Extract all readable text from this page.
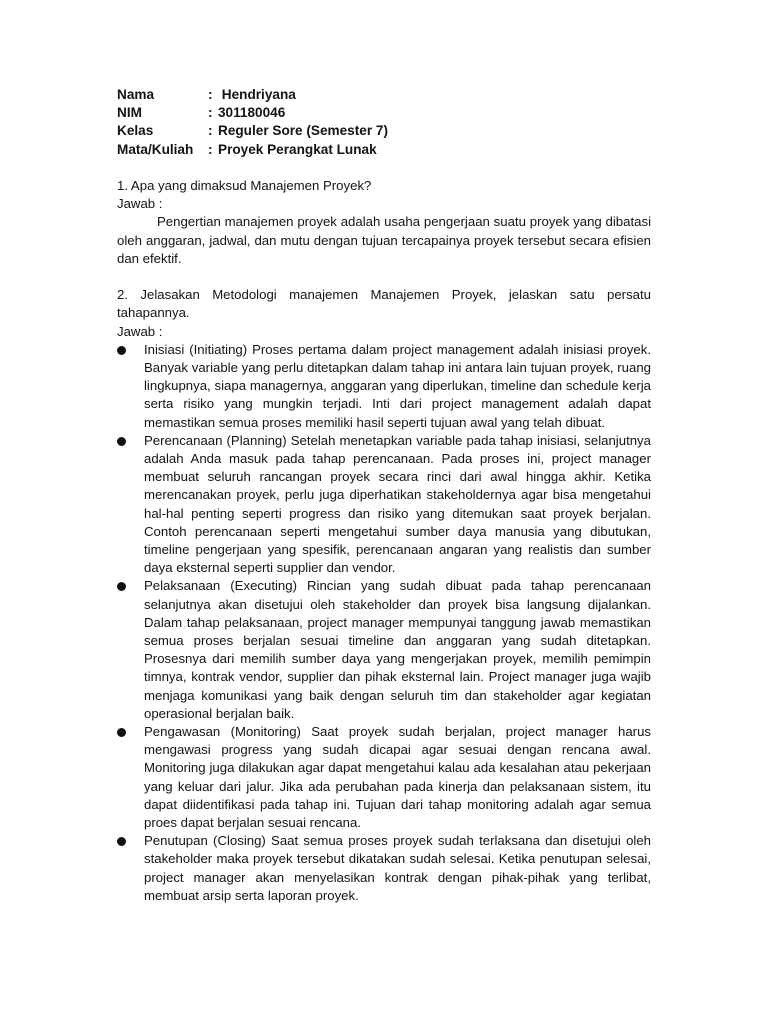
Nama	: Hendriyana
NIM	: 301180046
Kelas	: Reguler Sore (Semester 7)
Mata/Kuliah	: Proyek Perangkat Lunak

1. Apa yang dimaksud Manajemen Proyek?

Jawab :

Pengertian manajemen proyek adalah usaha pengerjaan suatu proyek yang dibatasi oleh anggaran, jadwal, dan mutu dengan tujuan tercapainya proyek tersebut secara efisien dan efektif.

2. Jelasakan Metodologi manajemen Manajemen Proyek, jelaskan satu persatu tahapannya.

Jawab :

Inisiasi (Initiating) Proses pertama dalam project management adalah inisiasi proyek. Banyak variable yang perlu ditetapkan dalam tahap ini antara lain tujuan proyek, ruang lingkupnya, siapa managernya, anggaran yang diperlukan, timeline dan schedule kerja serta risiko yang mungkin terjadi. Inti dari project management adalah dapat memastikan semua proses memiliki hasil seperti tujuan awal yang telah dibuat.
Perencanaan (Planning) Setelah menetapkan variable pada tahap inisiasi, selanjutnya adalah Anda masuk pada tahap perencanaan. Pada proses ini, project manager membuat seluruh rancangan proyek secara rinci dari awal hingga akhir. Ketika merencanakan proyek, perlu juga diperhatikan stakeholdernya agar bisa mengetahui hal-hal penting seperti progress dan risiko yang ditemukan saat proyek berjalan. Contoh perencanaan seperti mengetahui sumber daya manusia yang dibutukan, timeline pengerjaan yang spesifik, perencanaan angaran yang realistis dan sumber daya eksternal seperti supplier dan vendor.
Pelaksanaan (Executing) Rincian yang sudah dibuat pada tahap perencanaan selanjutnya akan disetujui oleh stakeholder dan proyek bisa langsung dijalankan. Dalam tahap pelaksanaan, project manager mempunyai tanggung jawab memastikan semua proses berjalan sesuai timeline dan anggaran yang sudah ditetapkan. Prosesnya dari memilih sumber daya yang mengerjakan proyek, memilih pemimpin timnya, kontrak vendor, supplier dan pihak eksternal lain. Project manager juga wajib menjaga komunikasi yang baik dengan seluruh tim dan stakeholder agar kegiatan operasional berjalan baik.
Pengawasan (Monitoring) Saat proyek sudah berjalan, project manager harus mengawasi progress yang sudah dicapai agar sesuai dengan rencana awal. Monitoring juga dilakukan agar dapat mengetahui kalau ada kesalahan atau pekerjaan yang keluar dari jalur. Jika ada perubahan pada kinerja dan pelaksanaan sistem, itu dapat diidentifikasi pada tahap ini. Tujuan dari tahap monitoring adalah agar semua proes dapat berjalan sesuai rencana.
Penutupan (Closing) Saat semua proses proyek sudah terlaksana dan disetujui oleh stakeholder maka proyek tersebut dikatakan sudah selesai. Ketika penutupan selesai, project manager akan menyelasikan kontrak dengan pihak-pihak yang terlibat, membuat arsip serta laporan proyek.
